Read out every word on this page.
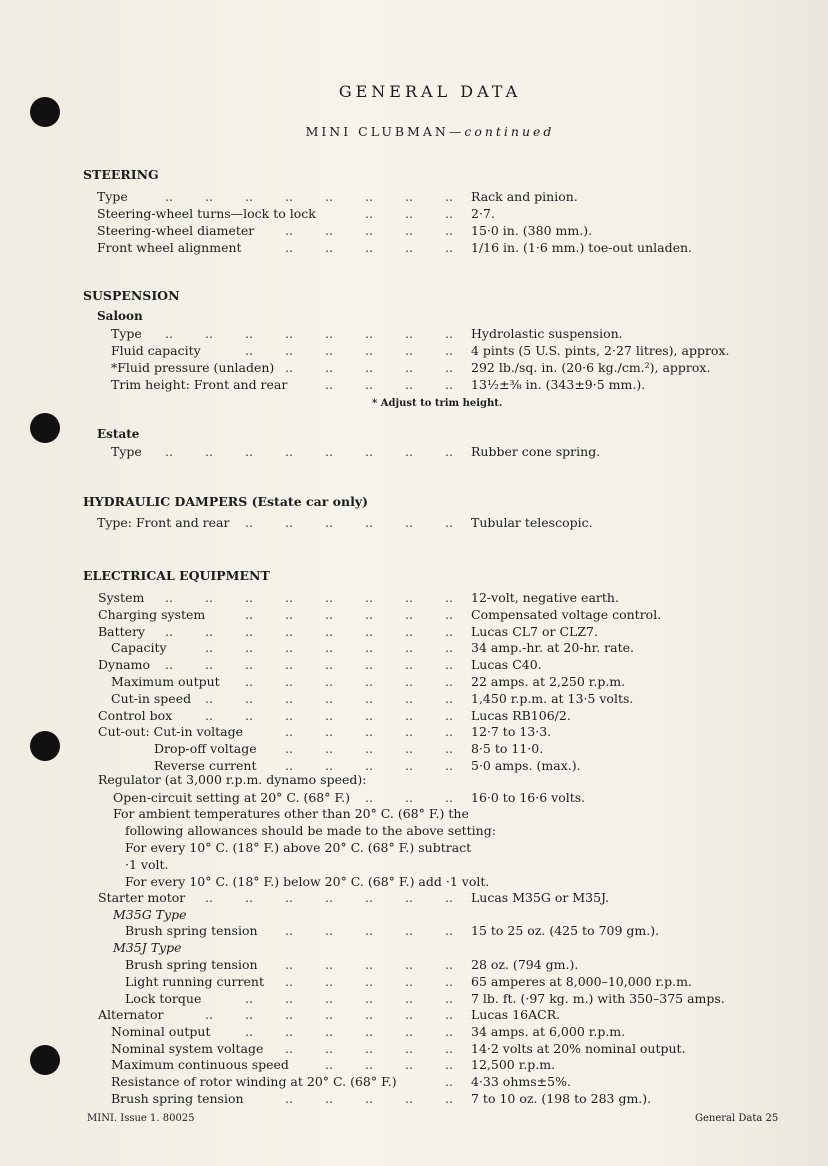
GENERAL DATA
MINI CLUBMAN—continued
STEERING
Type	Rack and pinion.
..	..	..	..	..	..	..	..
Steering-wheel turns—lock to lock	2·7.
..	..	..
Steering-wheel diameter	15·0 in. (380 mm.).
..	..	..	..	..
Front wheel alignment	1/16 in. (1·6 mm.) toe-out unladen.
..	..	..	..	..
SUSPENSION
Saloon
Type	Hydrolastic suspension.
..	..	..	..	..	..	..	..
Fluid capacity	4 pints (5 U.S. pints, 2·27 litres), approx.
..	..	..	..	..	..
*Fluid pressure (unladen)	292 lb./sq. in. (20·6 kg./cm.²), approx.
..	..	..	..	..
Trim height: Front and rear	13½±⅜ in. (343±9·5 mm.).
..	..	..	..
* Adjust to trim height.
Estate
Type	Rubber cone spring.
..	..	..	..	..	..	..	..
HYDRAULIC DAMPERS (Estate car only)
Type: Front and rear	Tubular telescopic.
..	..	..	..	..	..
ELECTRICAL EQUIPMENT
System	12-volt, negative earth.
..	..	..	..	..	..	..	..
Charging system	Compensated voltage control.
..	..	..	..	..	..
Battery	Lucas CL7 or CLZ7.
..	..	..	..	..	..	..	..
Capacity	34 amp.-hr. at 20-hr. rate.
..	..	..	..	..	..	..
Dynamo	Lucas C40.
..	..	..	..	..	..	..	..
Maximum output	22 amps. at 2,250 r.p.m.
..	..	..	..	..	..
Cut-in speed	1,450 r.p.m. at 13·5 volts.
..	..	..	..	..	..	..
Control box	Lucas RB106/2.
..	..	..	..	..	..	..
Cut-out: Cut-in voltage	12·7 to 13·3.
..	..	..	..	..
Drop-off voltage	8·5 to 11·0.
..	..	..	..	..
Reverse current	5·0 amps. (max.).
..	..	..	..	..
Regulator (at 3,000 r.p.m. dynamo speed):
Open-circuit setting at 20° C. (68° F.)	16·0 to 16·6 volts.
..	..	..
For ambient temperatures other than 20° C. (68° F.) the
following allowances should be made to the above setting:
For every 10° C. (18° F.) above 20° C. (68° F.) subtract
·1 volt.
For every 10° C. (18° F.) below 20° C. (68° F.) add ·1 volt.
Starter motor	Lucas M35G or M35J.
..	..	..	..	..	..	..
M35G Type
Brush spring tension	15 to 25 oz. (425 to 709 gm.).
..	..	..	..	..
M35J Type
Brush spring tension	28 oz. (794 gm.).
..	..	..	..	..
Light running current	65 amperes at 8,000–10,000 r.p.m.
..	..	..	..	..
Lock torque	7 lb. ft. (·97 kg. m.) with 350–375 amps.
..	..	..	..	..	..
Alternator	Lucas 16ACR.
..	..	..	..	..	..	..
Nominal output	34 amps. at 6,000 r.p.m.
..	..	..	..	..	..
Nominal system voltage	14·2 volts at 20% nominal output.
..	..	..	..	..
Maximum continuous speed	12,500 r.p.m.
..	..	..	..
Resistance of rotor winding at 20° C. (68° F.)	4·33 ohms±5%.
..
Brush spring tension	7 to 10 oz. (198 to 283 gm.).
..	..	..	..	..
MINI. Issue 1. 80025	General Data 25
